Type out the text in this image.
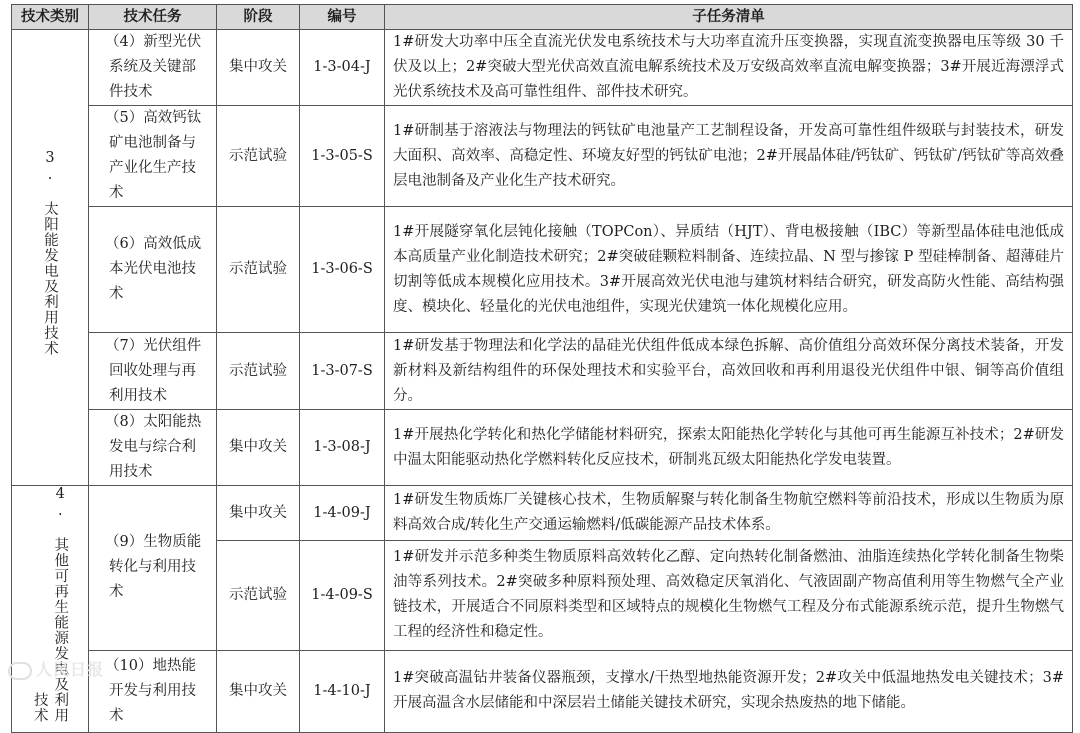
技术类别	技术任务	阶段	编号	子任务清单
3. 太阳能发电及利用技术	（4）新型光伏系统及关键部件技术	集中攻关	1-3-04-J	1#研发大功率中压全直流光伏发电系统技术与大功率直流升压变换器，实现直流变换器电压等级 30 千伏及以上；2#突破大型光伏高效直流电解系统技术及万安级高效率直流电解变换器；3#开展近海漂浮式光伏系统技术及高可靠性组件、部件技术研究。
	（5）高效钙钛矿电池制备与产业化生产技术	示范试验	1-3-05-S	1#研制基于溶液法与物理法的钙钛矿电池量产工艺制程设备，开发高可靠性组件级联与封装技术，研发大面积、高效率、高稳定性、环境友好型的钙钛矿电池；2#开展晶体硅/钙钛矿、钙钛矿/钙钛矿等高效叠层电池制备及产业化生产技术研究。
	（6）高效低成本光伏电池技术	示范试验	1-3-06-S	1#开展隧穿氧化层钝化接触（TOPCon）、异质结（HJT）、背电极接触（IBC）等新型晶体硅电池低成本高质量产业化制造技术研究；2#突破硅颗粒料制备、连续拉晶、N 型与掺镓 P 型硅棒制备、超薄硅片切割等低成本规模化应用技术。3#开展高效光伏电池与建筑材料结合研究，研发高防火性能、高结构强度、模块化、轻量化的光伏电池组件，实现光伏建筑一体化规模化应用。
	（7）光伏组件回收处理与再利用技术	示范试验	1-3-07-S	1#研发基于物理法和化学法的晶硅光伏组件低成本绿色拆解、高价值组分高效环保分离技术装备，开发新材料及新结构组件的环保处理技术和实验平台，高效回收和再利用退役光伏组件中银、铜等高价值组分。
	（8）太阳能热发电与综合利用技术	集中攻关	1-3-08-J	1#开展热化学转化和热化学储能材料研究，探索太阳能热化学转化与其他可再生能源互补技术；2#研发中温太阳能驱动热化学燃料转化反应技术，研制兆瓦级太阳能热化学发电装置。
技术 4. 其他可再生能源发电及利用	（9）生物质能转化与利用技术	集中攻关	1-4-09-J	1#研发生物质炼厂关键核心技术，生物质解聚与转化制备生物航空燃料等前沿技术，形成以生物质为原料高效合成/转化生产交通运输燃料/低碳能源产品技术体系。
		示范试验	1-4-09-S	1#研发并示范多种类生物质原料高效转化乙醇、定向热转化制备燃油、油脂连续热化学转化制备生物柴油等系列技术。2#突破多种原料预处理、高效稳定厌氧消化、气液固副产物高值利用等生物燃气全产业链技术，开展适合不同原料类型和区域特点的规模化生物燃气工程及分布式能源系统示范，提升生物燃气工程的经济性和稳定性。
	（10）地热能开发与利用技术	集中攻关	1-4-10-J	1#突破高温钻井装备仪器瓶颈，支撑水/干热型地热能资源开发；2#攻关中低温地热发电关键技术；3#开展高温含水层储能和中深层岩土储能关键技术研究，实现余热废热的地下储能。
人民日报
